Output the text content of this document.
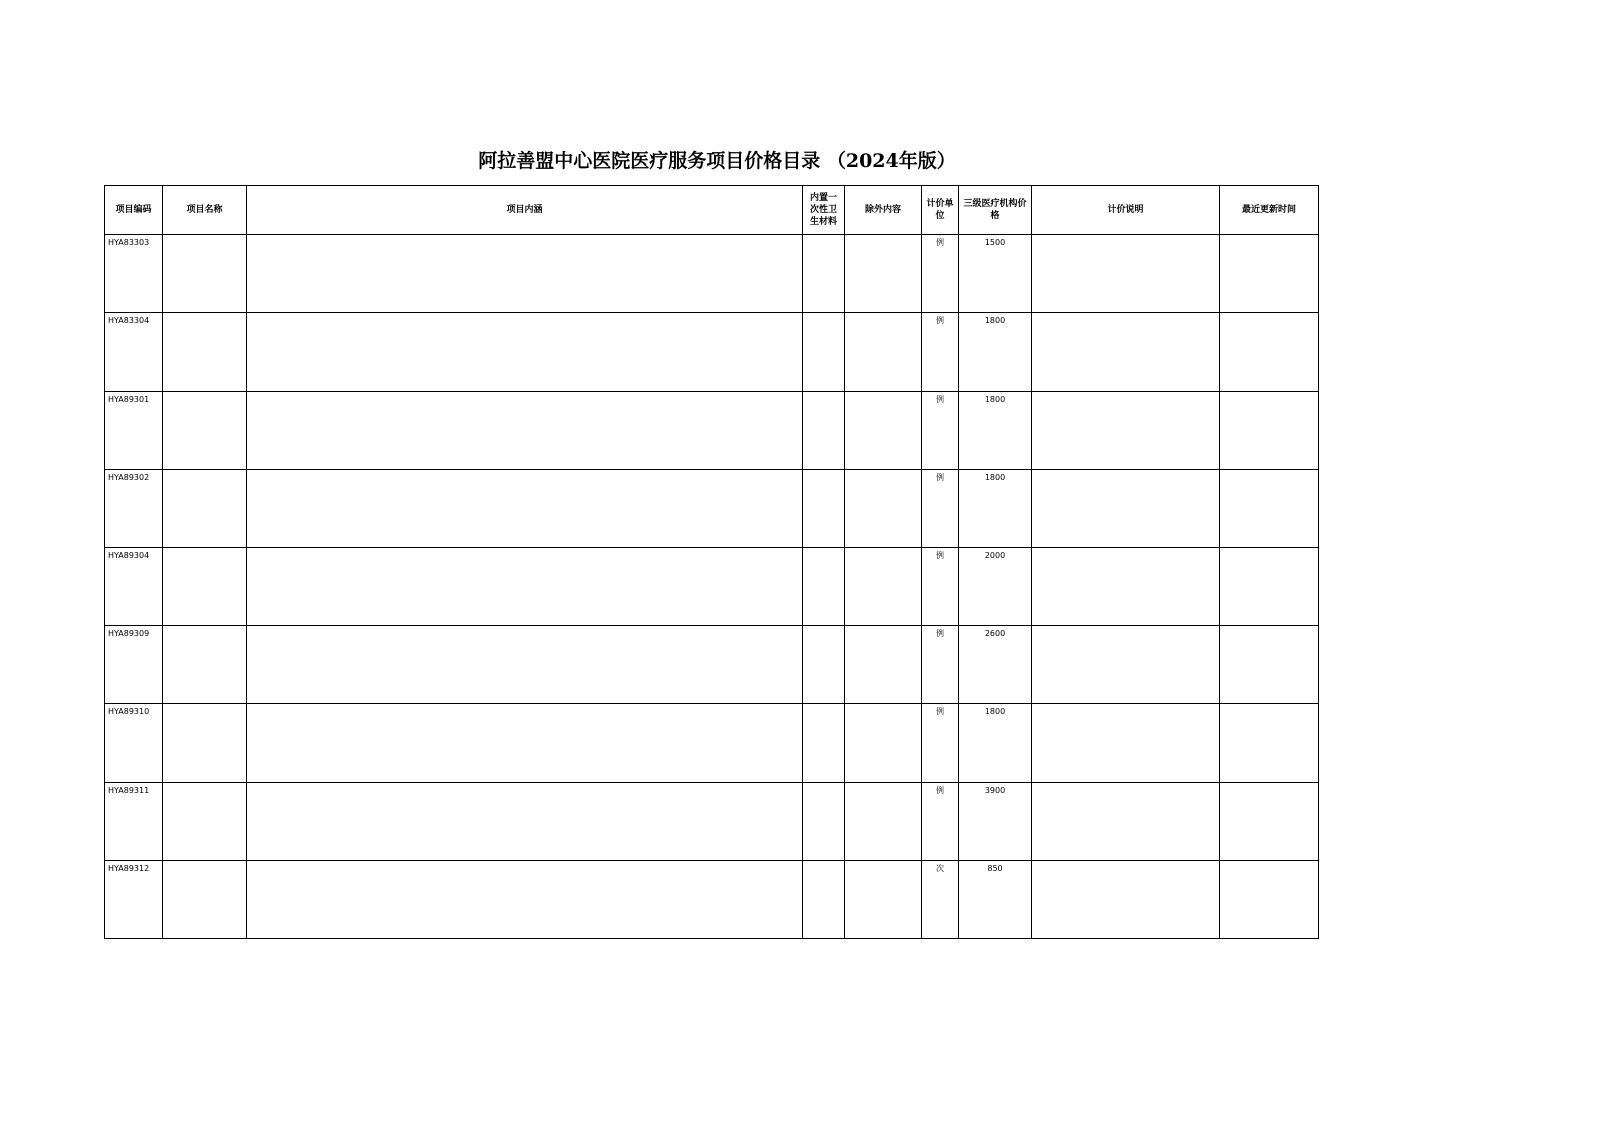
阿拉善盟中心医院医疗服务项目价格目录 （2024年版）
项目编码	项目名称	项目内涵	内置一次性卫生材料	除外内容	计价单位	三级医疗机构价格	计价说明	最近更新时间
HYA83303					例	1500		
HYA83304					例	1800		
HYA89301					例	1800		
HYA89302					例	1800		
HYA89304					例	2000		
HYA89309					例	2600		
HYA89310					例	1800		
HYA89311					例	3900		
HYA89312					次	850		
